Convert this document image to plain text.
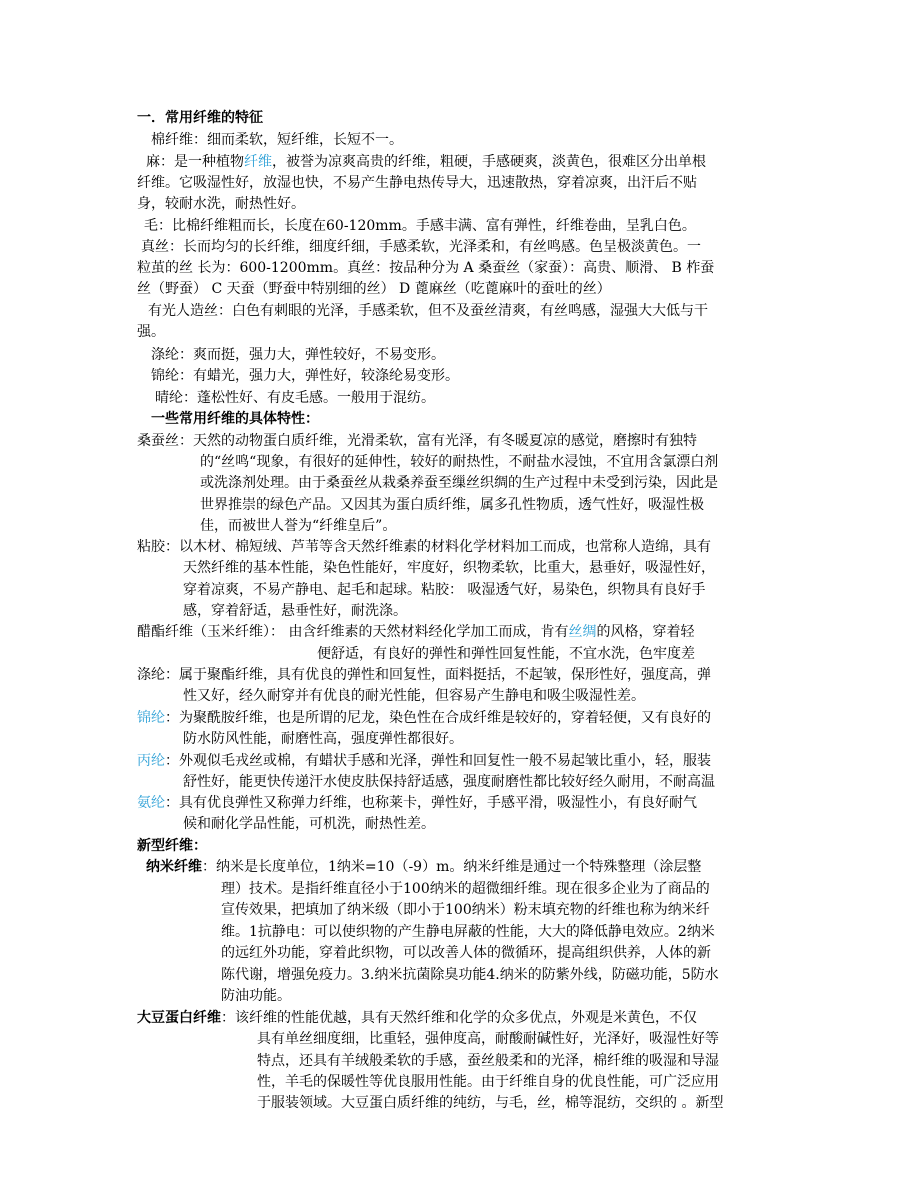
一．常用纤维的特征
棉纤维：细而柔软，短纤维，长短不一。
麻：是一种植物纤维，被誉为凉爽高贵的纤维，粗硬，手感硬爽，淡黄色，很难区分出单根
纤维。它吸湿性好，放湿也快，不易产生静电热传导大，迅速散热，穿着凉爽，出汗后不贴
身，较耐水洗，耐热性好。
毛：比棉纤维粗而长，长度在60-120mm。手感丰满、富有弹性，纤维卷曲，呈乳白色。
真丝：长而均匀的长纤维，细度纤细，手感柔软，光泽柔和，有丝鸣感。色呈极淡黄色。一
粒茧的丝 长为：600-1200mm。真丝：按品种分为 A 桑蚕丝（家蚕）：高贵、顺滑、 B 柞蚕
丝（野蚕） C 天蚕（野蚕中特别细的丝） D 蓖麻丝（吃蓖麻叶的蚕吐的丝）
有光人造丝：白色有刺眼的光泽，手感柔软，但不及蚕丝清爽，有丝鸣感，湿强大大低与干
强。
涤纶：爽而挺，强力大，弹性较好，不易变形。
锦纶：有蜡光，强力大，弹性好，较涤纶易变形。
晴纶：蓬松性好、有皮毛感。一般用于混纺。
一些常用纤维的具体特性：
桑蚕丝：天然的动物蛋白质纤维，光滑柔软，富有光泽，有冬暖夏凉的感觉，磨擦时有独特
的“丝鸣“现象，有很好的延伸性，较好的耐热性，不耐盐水浸蚀，不宜用含氯漂白剂
或洗涤剂处理。由于桑蚕丝从栽桑养蚕至缫丝织绸的生产过程中未受到污染，因此是
世界推崇的绿色产品。又因其为蛋白质纤维，属多孔性物质，透气性好，吸湿性极
佳，而被世人誉为“纤维皇后”。
粘胶：以木材、棉短绒、芦苇等含天然纤维素的材料化学材料加工而成，也常称人造绵，具有
天然纤维的基本性能，染色性能好，牢度好，织物柔软，比重大，悬垂好，吸湿性好，
穿着凉爽，不易产静电、起毛和起球。粘胶： 吸湿透气好，易染色，织物具有良好手
感，穿着舒适，悬垂性好，耐洗涤。
醋酯纤维（玉米纤维）： 由含纤维素的天然材料经化学加工而成，肯有丝绸的风格，穿着轻
便舒适，有良好的弹性和弹性回复性能，不宜水洗，色牢度差
涤纶：属于聚酯纤维，具有优良的弹性和回复性，面料挺括，不起皱，保形性好，强度高，弹
性又好，经久耐穿并有优良的耐光性能，但容易产生静电和吸尘吸湿性差。
锦纶：为聚酰胺纤维，也是所谓的尼龙，染色性在合成纤维是较好的，穿着轻便，又有良好的
防水防风性能，耐磨性高，强度弹性都很好。
丙纶：外观似毛戎丝或棉，有蜡状手感和光泽，弹性和回复性一般不易起皱比重小，轻，服装
舒性好，能更快传递汗水使皮肤保持舒适感，强度耐磨性都比较好经久耐用，不耐高温
氨纶：具有优良弹性又称弹力纤维，也称莱卡，弹性好，手感平滑，吸湿性小，有良好耐气
候和耐化学品性能，可机洗，耐热性差。
新型纤维：
纳米纤维：纳米是长度单位，1纳米=10（-9）m。纳米纤维是通过一个特殊整理（涂层整
理）技术。是指纤维直径小于100纳米的超微细纤维。现在很多企业为了商品的
宣传效果，把填加了纳米级（即小于100纳米）粉末填充物的纤维也称为纳米纤
维。1抗静电：可以使织物的产生静电屏蔽的性能，大大的降低静电效应。2纳米
的远红外功能，穿着此织物，可以改善人体的微循环，提高组织供养，人体的新
陈代谢，增强免疫力。3.纳米抗菌除臭功能4.纳米的防紫外线，防磁功能，5防水
防油功能。
大豆蛋白纤维：该纤维的性能优越，具有天然纤维和化学的众多优点，外观是米黄色，不仅
具有单丝细度细，比重轻，强伸度高，耐酸耐碱性好，光泽好，吸湿性好等
特点，还具有羊绒般柔软的手感，蚕丝般柔和的光泽，棉纤维的吸湿和导湿
性，羊毛的保暖性等优良服用性能。由于纤维自身的优良性能，可广泛应用
于服装领域。大豆蛋白质纤维的纯纺，与毛，丝，棉等混纺，交织的 。新型
